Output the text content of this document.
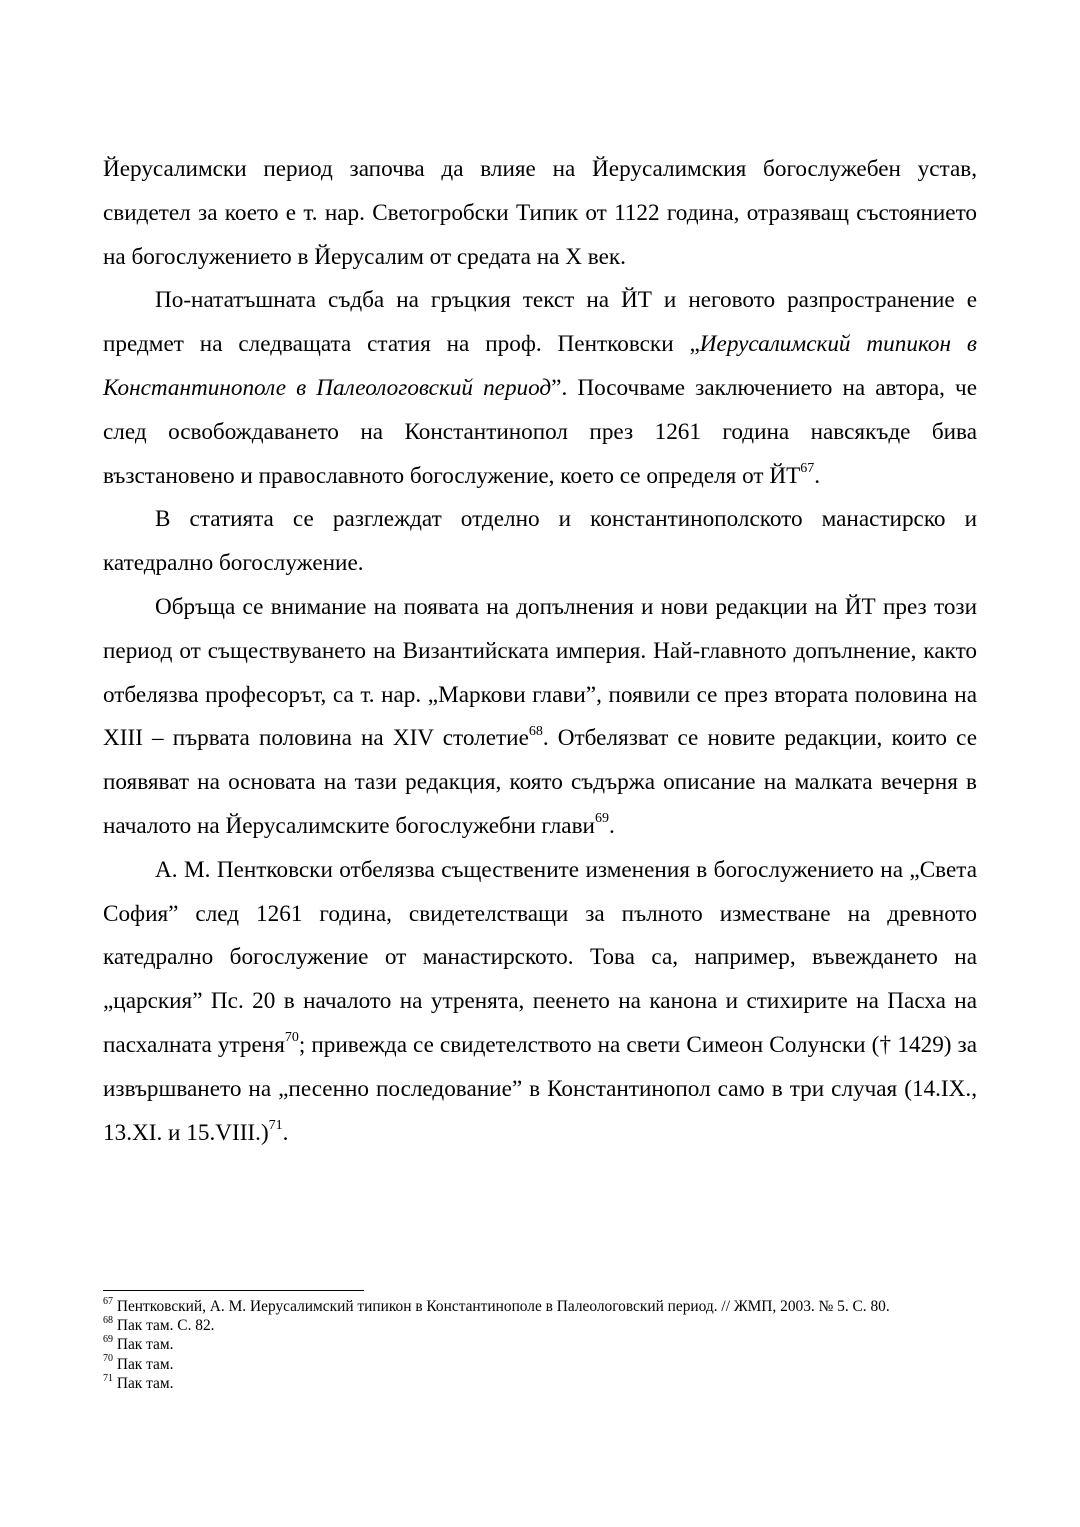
Йерусалимски период започва да влияе на Йерусалимския богослужебен устав, свидетел за което е т. нар. Светогробски Типик от 1122 година, отразяващ състоянието на богослужението в Йерусалим от средата на X век.

По-нататъшната съдба на гръцкия текст на ЙТ и неговото разпространение е предмет на следващата статия на проф. Пентковски „Иерусалимский типикон в Константинополе в Палеологовский период”. Посочваме заключението на автора, че след освобождаването на Константинопол през 1261 година навсякъде бива възстановено и православното богослужение, което се определя от ЙТ$^{67}$.

В статията се разглеждат отделно и константинополското манастирско и катедрално богослужение.

Обръща се внимание на появата на допълнения и нови редакции на ЙТ през този период от съществуването на Византийската империя. Най-главното допълнение, както отбелязва професорът, са т. нар. „Маркови глави”, появили се през втората половина на XIII – първата половина на XIV столетие$^{68}$. Отбелязват се новите редакции, които се появяват на основата на тази редакция, която съдържа описание на малката вечерня в началото на Йерусалимските богослужебни глави$^{69}$.

А. М. Пентковски отбелязва съществените изменения в богослужението на „Света София” след 1261 година, свидетелстващи за пълното изместване на древното катедрално богослужение от манастирското. Това са, например, въвеждането на „царския” Пс. 20 в началото на утренята, пеенето на канона и стихирите на Пасха на пасхалната утреня$^{70}$; привежда се свидетелството на свети Симеон Солунски († 1429) за извършването на „песенно последование” в Константинопол само в три случая (14.IX., 13.XI. и 15.VIII.)$^{71}$.

$^{67}$ Пентковский, А. М. Иерусалимский типикон в Константинополе в Палеологовский период. // ЖМП, 2003. № 5. С. 80.

$^{68}$ Пак там. С. 82.

$^{69}$ Пак там.

$^{70}$ Пак там.

$^{71}$ Пак там.
